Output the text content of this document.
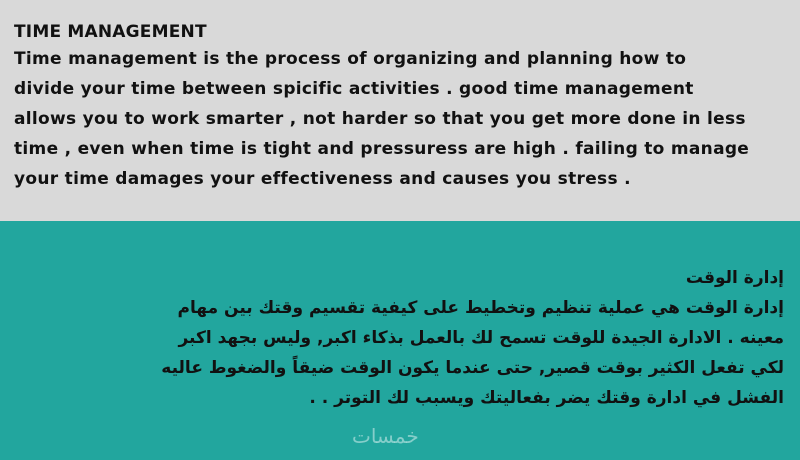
TIME MANAGEMENT

Time management is the process of organizing and planning how to

divide your time between spicific activities . good time management

allows you to work smarter , not harder so that you get more done in less

time , even when time is tight and pressuress are high . failing to manage

your time damages your effectiveness and causes you stress .

إدارة الوقت

إدارة الوقت هي عملية تنظيم وتخطيط على كيفية تقسيم وقتك بين مهام

معينه . الادارة الجيدة للوقت تسمح لك بالعمل بذكاء اكبر, وليس بجهد اكبر

لكي تفعل الكثير بوقت قصير, حتى عندما يكون الوقت ضيقاً والضغوط عاليه

الفشل في ادارة وقتك يضر بفعاليتك ويسبب لك التوتر . .

خمسات
